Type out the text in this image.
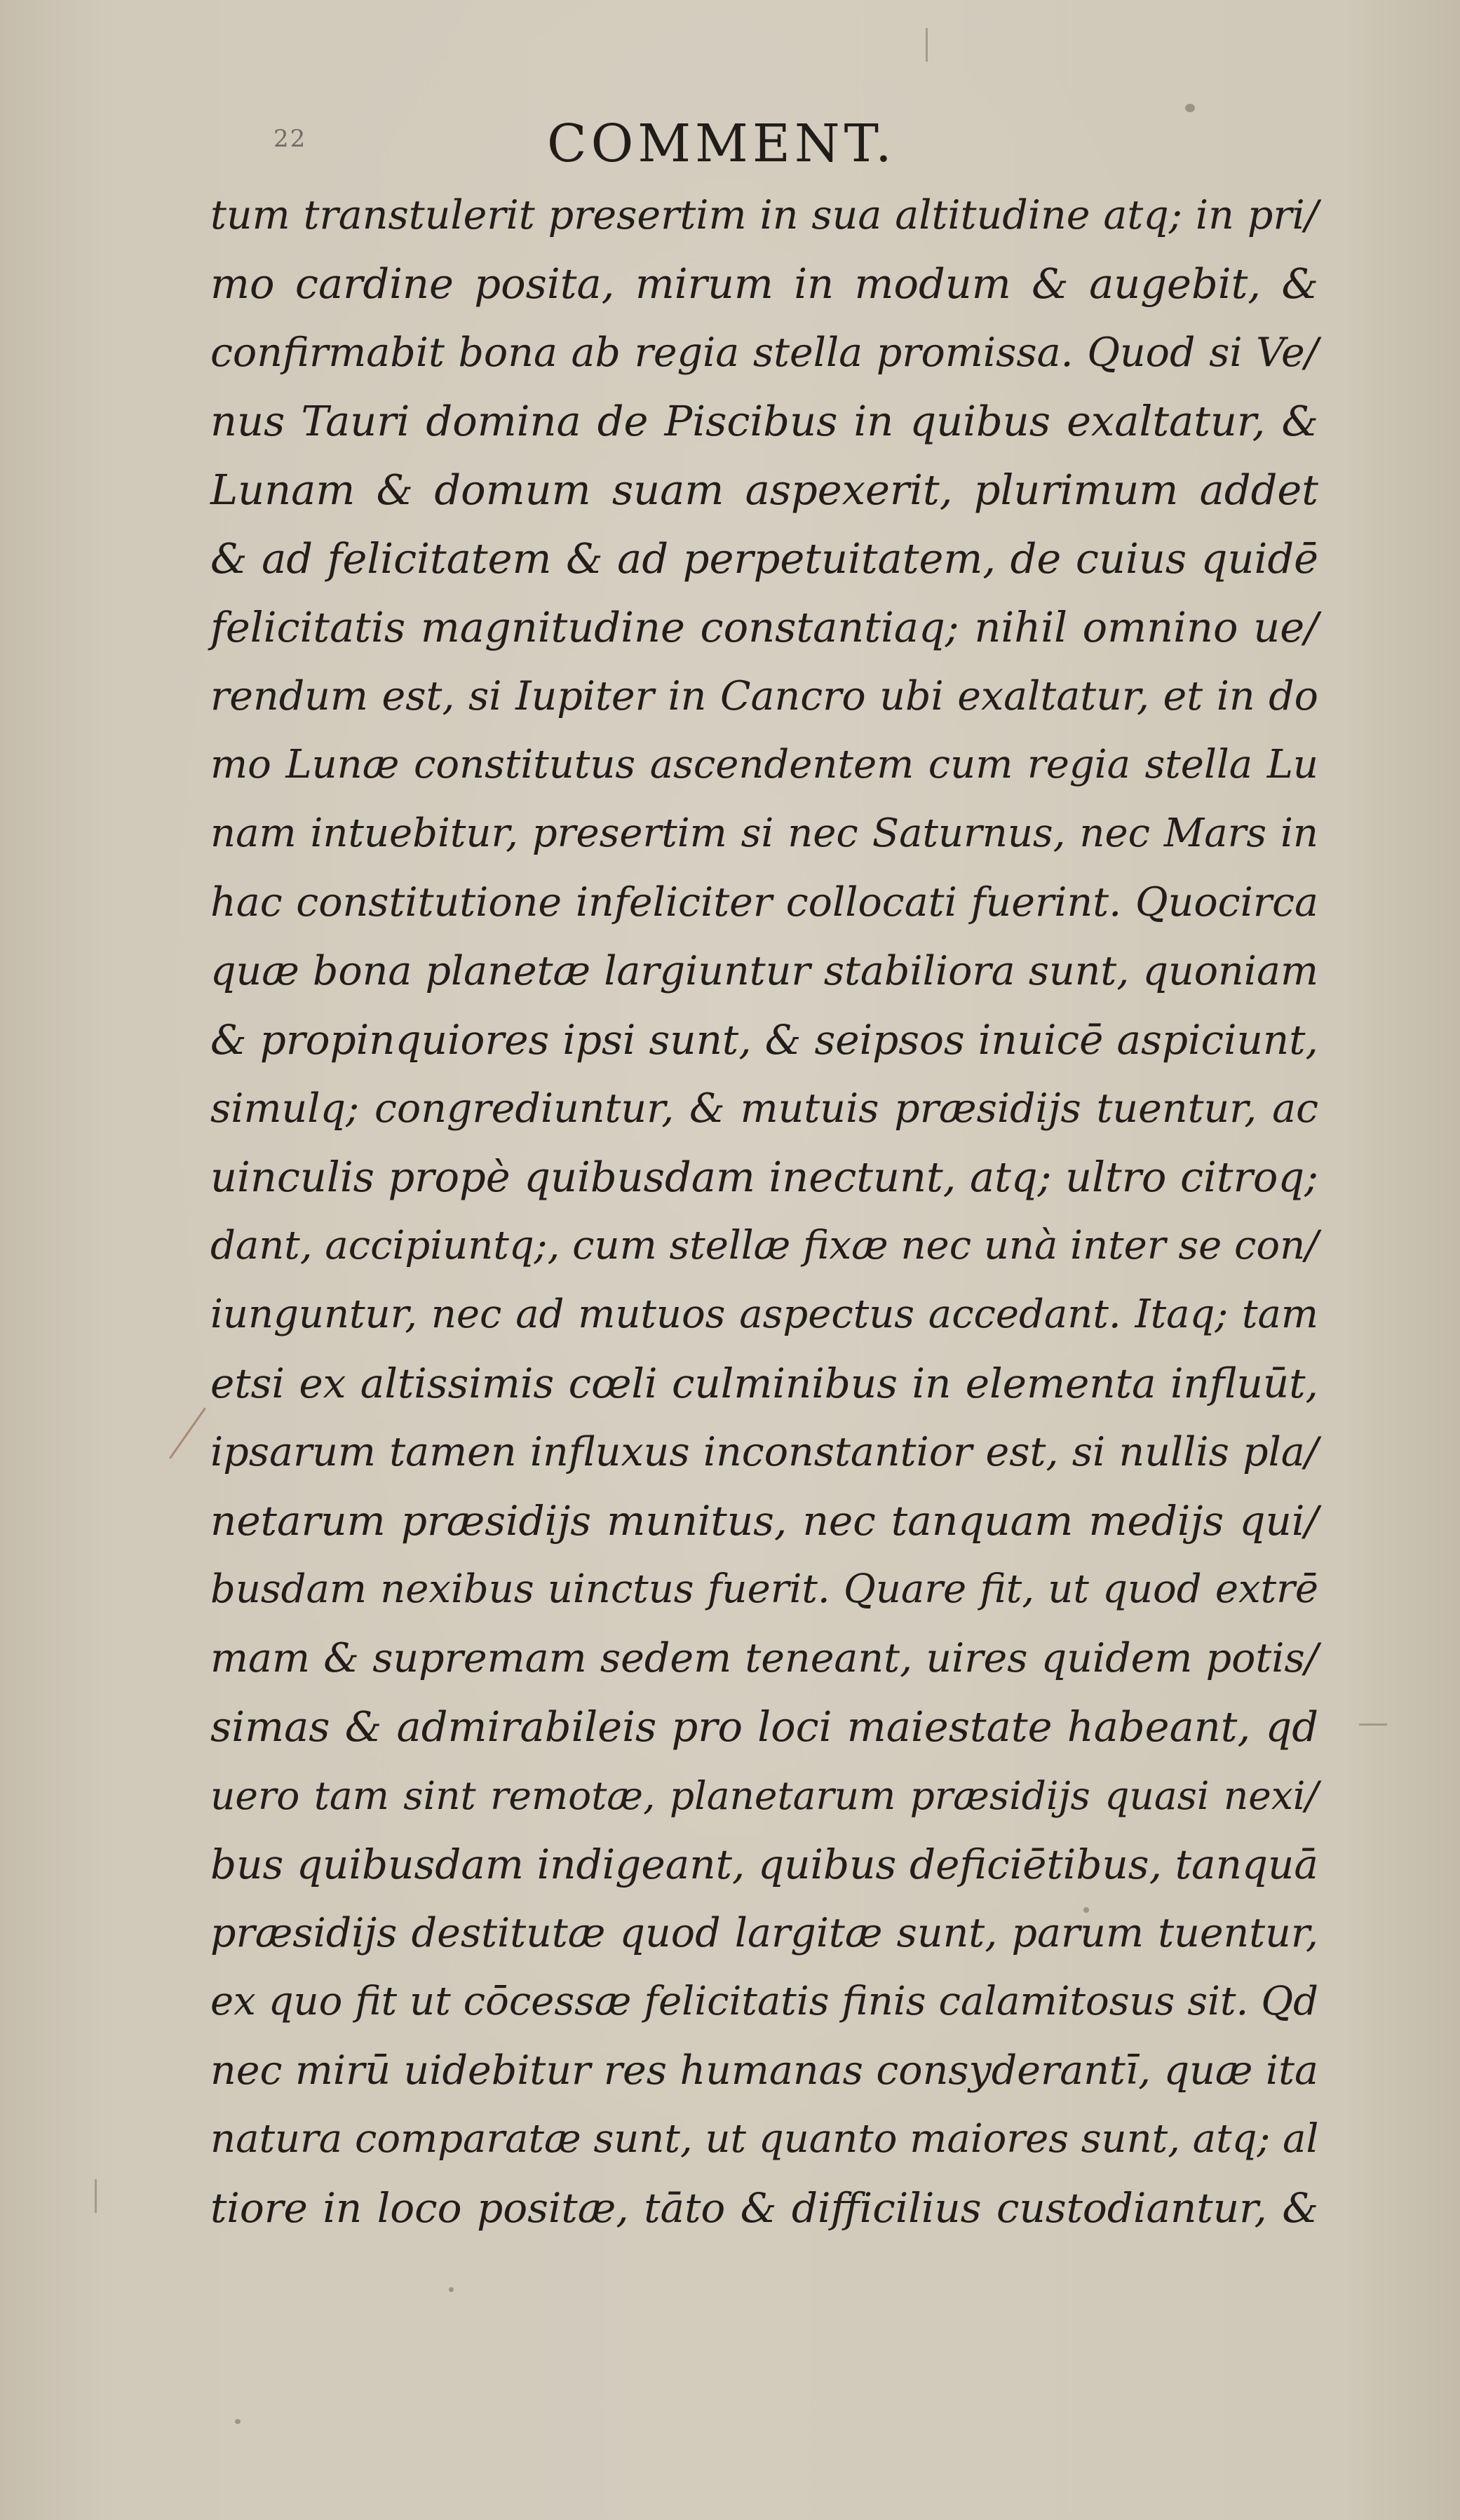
22	COMMENT.
tum transtulerit presertim in sua altitudine atq; in pri/
mo cardine posita, mirum in modum & augebit, &
confirmabit bona ab regia stella promissa. Quod si Ve/
nus Tauri domina de Piscibus in quibus exaltatur, &
Lunam & domum suam aspexerit, plurimum addet
& ad felicitatem & ad perpetuitatem, de cuius quidē
felicitatis magnitudine constantiaq; nihil omnino ue/
rendum est, si Iupiter in Cancro ubi exaltatur, et in do
mo Lunæ constitutus ascendentem cum regia stella Lu
nam intuebitur, presertim si nec Saturnus, nec Mars in
hac constitutione infeliciter collocati fuerint. Quocirca
quæ bona planetæ largiuntur stabiliora sunt, quoniam
& propinquiores ipsi sunt, & seipsos inuicē aspiciunt,
simulq; congrediuntur, & mutuis præsidijs tuentur, ac
uinculis propè quibusdam inectunt, atq; ultro citroq;
dant, accipiuntq;, cum stellæ fixæ nec unà inter se con/
iunguntur, nec ad mutuos aspectus accedant. Itaq; tam
etsi ex altissimis cœli culminibus in elementa influūt,
ipsarum tamen influxus inconstantior est, si nullis pla/
netarum præsidijs munitus, nec tanquam medijs qui/
busdam nexibus uinctus fuerit. Quare fit, ut quod extrē
mam & supremam sedem teneant, uires quidem potis/
simas & admirabileis pro loci maiestate habeant, qd
uero tam sint remotæ, planetarum præsidijs quasi nexi/
bus quibusdam indigeant, quibus deficiētibus, tanquā
præsidijs destitutæ quod largitæ sunt, parum tuentur,
ex quo fit ut cōcessæ felicitatis finis calamitosus sit. Qd
nec mirū uidebitur res humanas consyderantī, quæ ita
natura comparatæ sunt, ut quanto maiores sunt, atq; al
tiore in loco positæ, tāto & difficilius custodiantur, &
